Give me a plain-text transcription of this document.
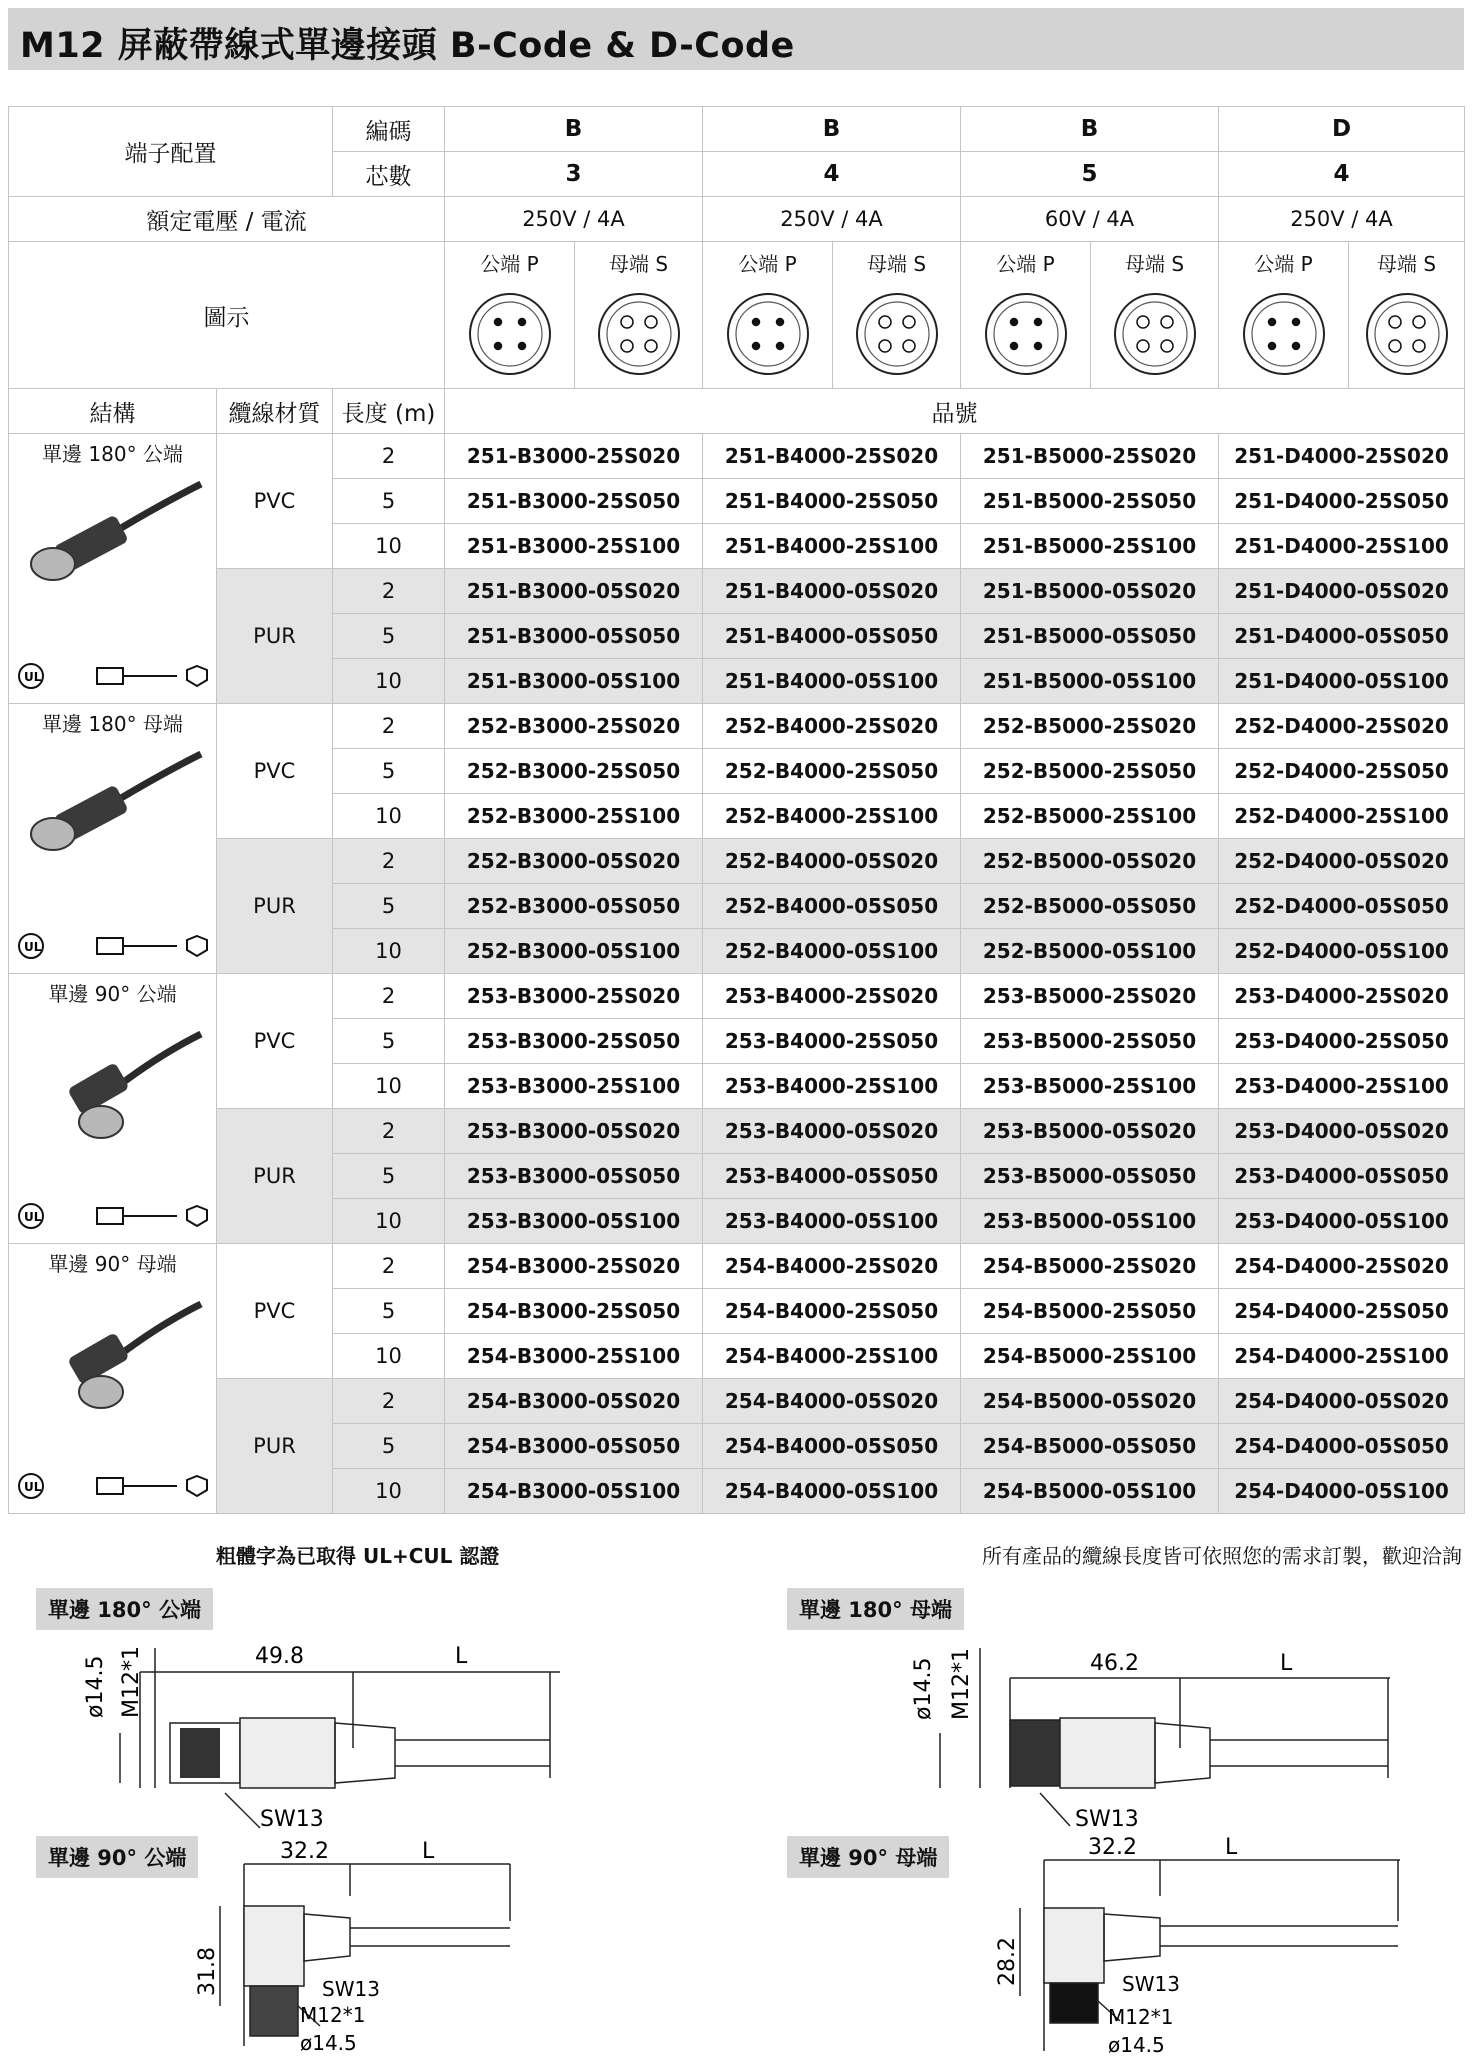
M12 屏蔽帶線式單邊接頭 B-Code & D-Code
端子配置		編碼	B		B		B		D	
		芯數	3		4		5		4	
額定電壓 / 電流			250V / 4A		250V / 4A		60V / 4A		250V / 4A	
圖示			公端 P	母端 S	公端 P	母端 S	公端 P	母端 S	公端 P	母端 S

結構	纜線材質	長度 (m)	品號							

單邊 180° 公端
UL	PVC	2	251-B3000-25S020		251-B4000-25S020		251-B5000-25S020		251-D4000-25S020	
		5	251-B3000-25S050		251-B4000-25S050		251-B5000-25S050		251-D4000-25S050	
		10	251-B3000-25S100		251-B4000-25S100		251-B5000-25S100		251-D4000-25S100	
	PUR	2	251-B3000-05S020		251-B4000-05S020		251-B5000-05S020		251-D4000-05S020	
		5	251-B3000-05S050		251-B4000-05S050		251-B5000-05S050		251-D4000-05S050	
		10	251-B3000-05S100		251-B4000-05S100		251-B5000-05S100		251-D4000-05S100	

單邊 180° 母端
UL	PVC	2	252-B3000-25S020		252-B4000-25S020		252-B5000-25S020		252-D4000-25S020	
		5	252-B3000-25S050		252-B4000-25S050		252-B5000-25S050		252-D4000-25S050	
		10	252-B3000-25S100		252-B4000-25S100		252-B5000-25S100		252-D4000-25S100	
	PUR	2	252-B3000-05S020		252-B4000-05S020		252-B5000-05S020		252-D4000-05S020	
		5	252-B3000-05S050		252-B4000-05S050		252-B5000-05S050		252-D4000-05S050	
		10	252-B3000-05S100		252-B4000-05S100		252-B5000-05S100		252-D4000-05S100	

單邊 90° 公端
UL	PVC	2	253-B3000-25S020		253-B4000-25S020		253-B5000-25S020		253-D4000-25S020	
		5	253-B3000-25S050		253-B4000-25S050		253-B5000-25S050		253-D4000-25S050	
		10	253-B3000-25S100		253-B4000-25S100		253-B5000-25S100		253-D4000-25S100	
	PUR	2	253-B3000-05S020		253-B4000-05S020		253-B5000-05S020		253-D4000-05S020	
		5	253-B3000-05S050		253-B4000-05S050		253-B5000-05S050		253-D4000-05S050	
		10	253-B3000-05S100		253-B4000-05S100		253-B5000-05S100		253-D4000-05S100	

單邊 90° 母端
UL	PVC	2	254-B3000-25S020		254-B4000-25S020		254-B5000-25S020		254-D4000-25S020	
		5	254-B3000-25S050		254-B4000-25S050		254-B5000-25S050		254-D4000-25S050	
		10	254-B3000-25S100		254-B4000-25S100		254-B5000-25S100		254-D4000-25S100	
	PUR	2	254-B3000-05S020		254-B4000-05S020		254-B5000-05S020		254-D4000-05S020	
		5	254-B3000-05S050		254-B4000-05S050		254-B5000-05S050		254-D4000-05S050	
		10	254-B3000-05S100		254-B4000-05S100		254-B5000-05S100		254-D4000-05S100	
粗體字為已取得 UL+CUL 認證	所有產品的纜線長度皆可依照您的需求訂製，歡迎洽詢
單邊 180° 公端	單邊 180° 母端
單邊 90° 公端	單邊 90° 母端
49.8	L
SW13
ø14.5 M12*1	46.2	L
SW13
ø14.5 M12*1
32.2	L
31.8	SW13
M12*1
ø14.5
32.2	L
28.2	SW13
M12*1
ø14.5
